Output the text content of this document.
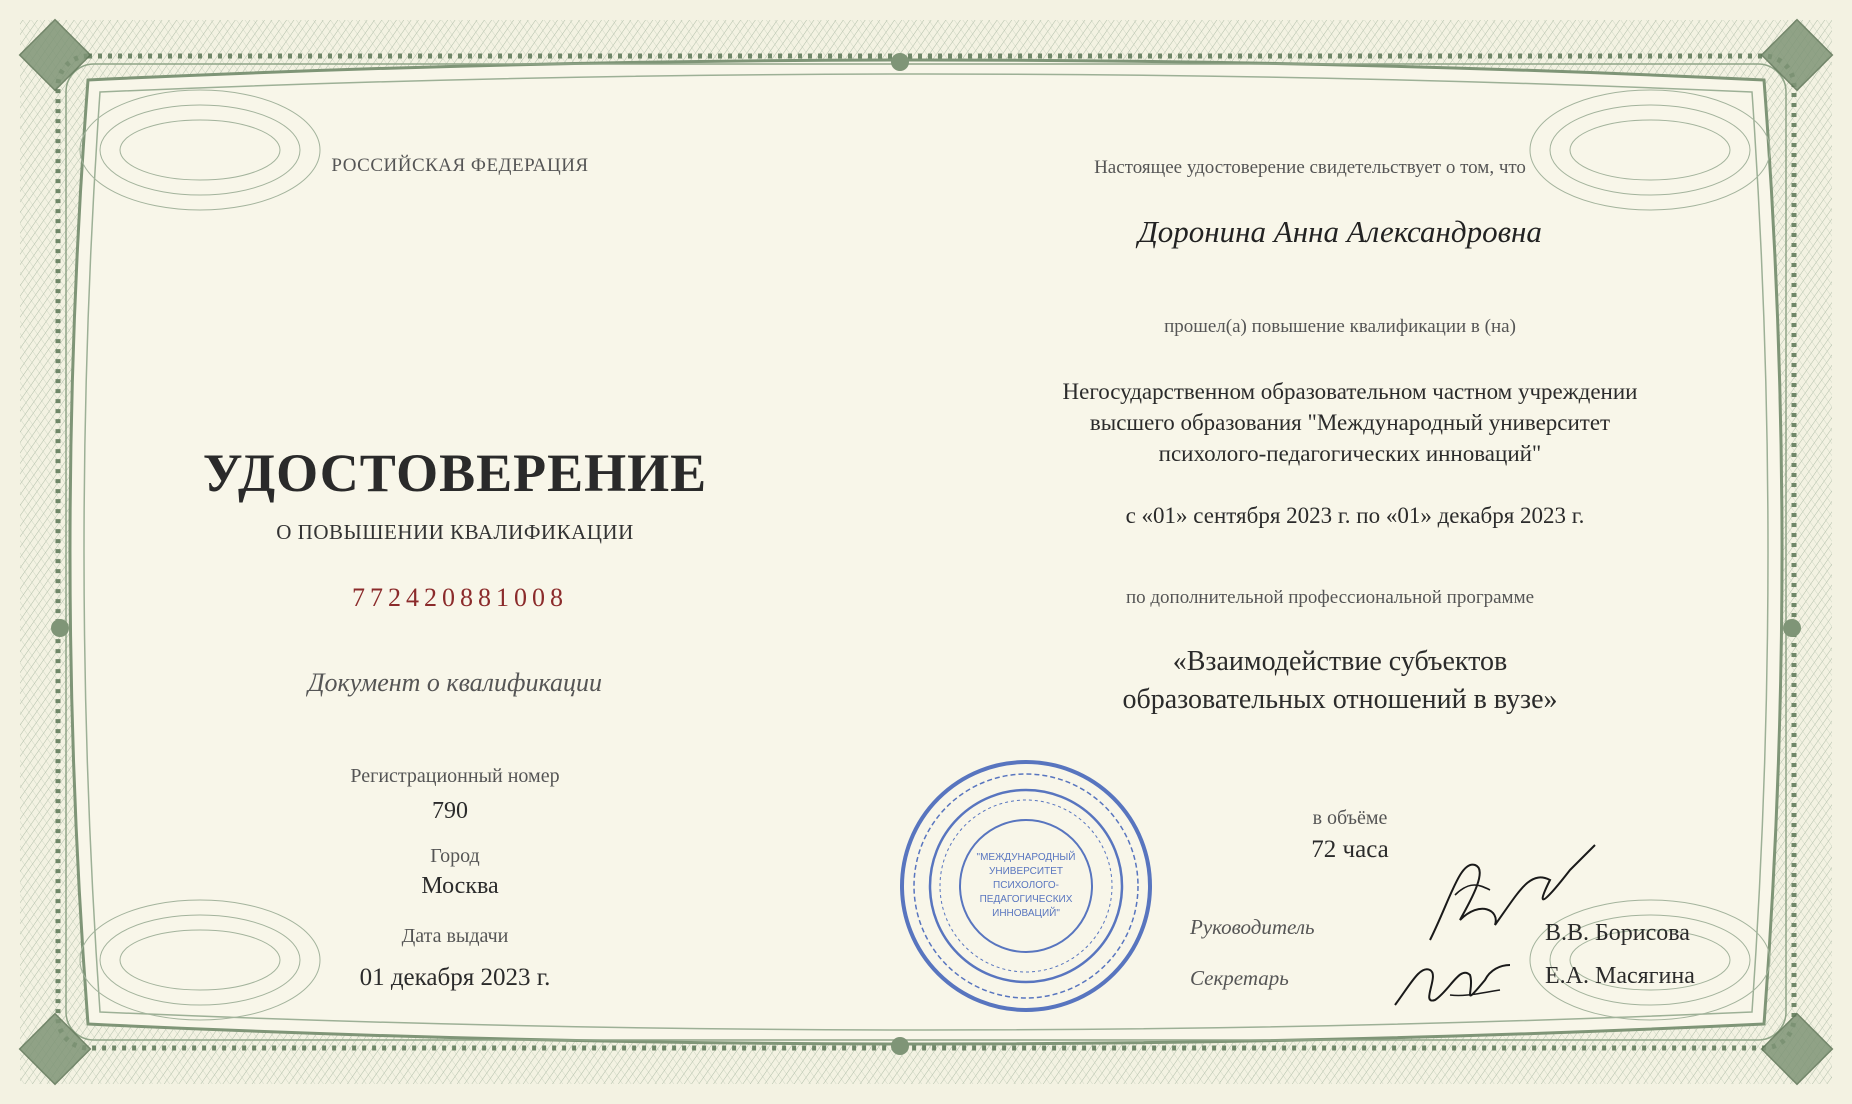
РОССИЙСКАЯ ФЕДЕРАЦИЯ
УДОСТОВЕРЕНИЕ
О ПОВЫШЕНИИ КВАЛИФИКАЦИИ
772420881008
Документ о квалификации
Регистрационный номер
790
Город
Москва
Дата выдачи
01 декабря 2023 г.
Настоящее удостоверение свидетельствует о том, что
Доронина Анна Александровна
прошел(а) повышение квалификации в (на)
Негосударственном образовательном частном учреждении
высшего образования "Международный университет
психолого-педагогических инноваций"
с «01» сентября 2023 г. по «01» декабря 2023 г.
по дополнительной профессиональной программе
«Взаимодействие субъектов
образовательных отношений в вузе»
в объёме
72 часа
Руководитель
Секретарь
В.В. Борисова
Е.А. Масягина
"МЕЖДУНАРОДНЫЙ
УНИВЕРСИТЕТ
ПСИХОЛОГО-
ПЕДАГОГИЧЕСКИХ
ИННОВАЦИЙ"
